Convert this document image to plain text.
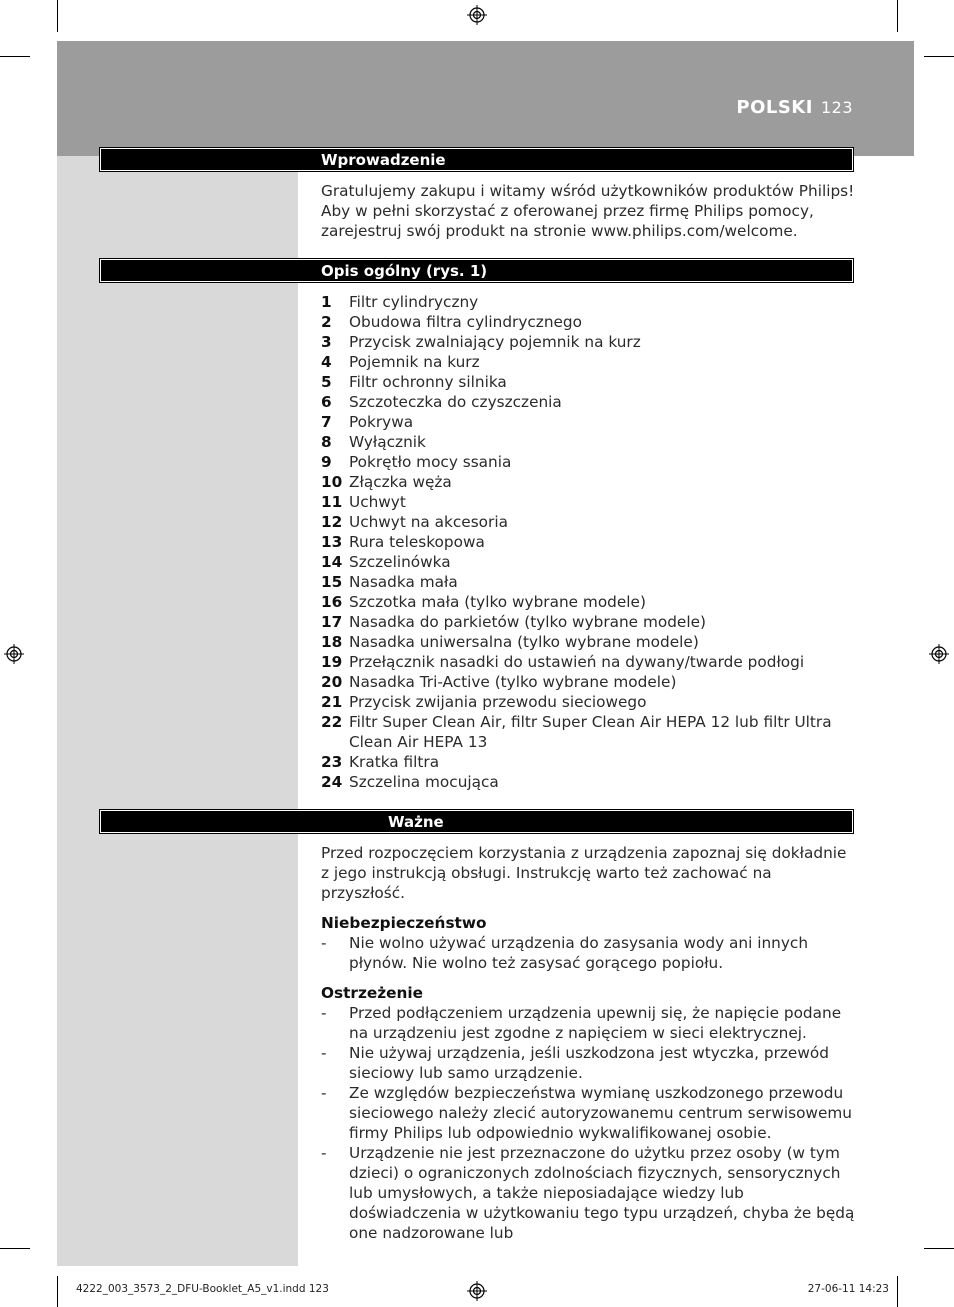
POLSKI 123
Wprowadzenie

Gratulujemy zakupu i witamy wśród użytkowników produktów Philips! Aby w pełni skorzystać z oferowanej przez firmę Philips pomocy, zarejestruj swój produkt na stronie www.philips.com/welcome.

Opis ogólny (rys. 1)
1	Filtr cylindryczny
2	Obudowa filtra cylindrycznego
3	Przycisk zwalniający pojemnik na kurz
4	Pojemnik na kurz
5	Filtr ochronny silnika
6	Szczoteczka do czyszczenia
7	Pokrywa
8	Wyłącznik
9	Pokrętło mocy ssania
10 Złączka węża
11 Uchwyt
12 Uchwyt na akcesoria
13 Rura teleskopowa
14 Szczelinówka
15 Nasadka mała
16 Szczotka mała (tylko wybrane modele)
17 Nasadka do parkietów (tylko wybrane modele)
18 Nasadka uniwersalna (tylko wybrane modele)
19 Przełącznik nasadki do ustawień na dywany/twarde podłogi
20 Nasadka Tri-Active (tylko wybrane modele)
21 Przycisk zwijania przewodu sieciowego
22 Filtr Super Clean Air, filtr Super Clean Air HEPA 12 lub filtr Ultra Clean Air HEPA 13
23 Kratka filtra
24 Szczelina mocująca
Ważne

Przed rozpoczęciem korzystania z urządzenia zapoznaj się dokładnie z jego instrukcją obsługi. Instrukcję warto też zachować na przyszłość.

Niebezpieczeństwo

-	Nie wolno używać urządzenia do zasysania wody ani innych płynów. Nie wolno też zasysać gorącego popiołu.

Ostrzeżenie

-	Przed podłączeniem urządzenia upewnij się, że napięcie podane na urządzeniu jest zgodne z napięciem w sieci elektrycznej.
-	Nie używaj urządzenia, jeśli uszkodzona jest wtyczka, przewód sieciowy lub samo urządzenie.
-	Ze względów bezpieczeństwa wymianę uszkodzonego przewodu sieciowego należy zlecić autoryzowanemu centrum serwisowemu firmy Philips lub odpowiednio wykwalifikowanej osobie.
-	Urządzenie nie jest przeznaczone do użytku przez osoby (w tym dzieci) o ograniczonych zdolnościach fizycznych, sensorycznych lub umysłowych, a także nieposiadające wiedzy lub doświadczenia w użytkowaniu tego typu urządzeń, chyba że będą one nadzorowane lub
4222_003_3573_2_DFU-Booklet_A5_v1.indd 123	27-06-11 14:23
